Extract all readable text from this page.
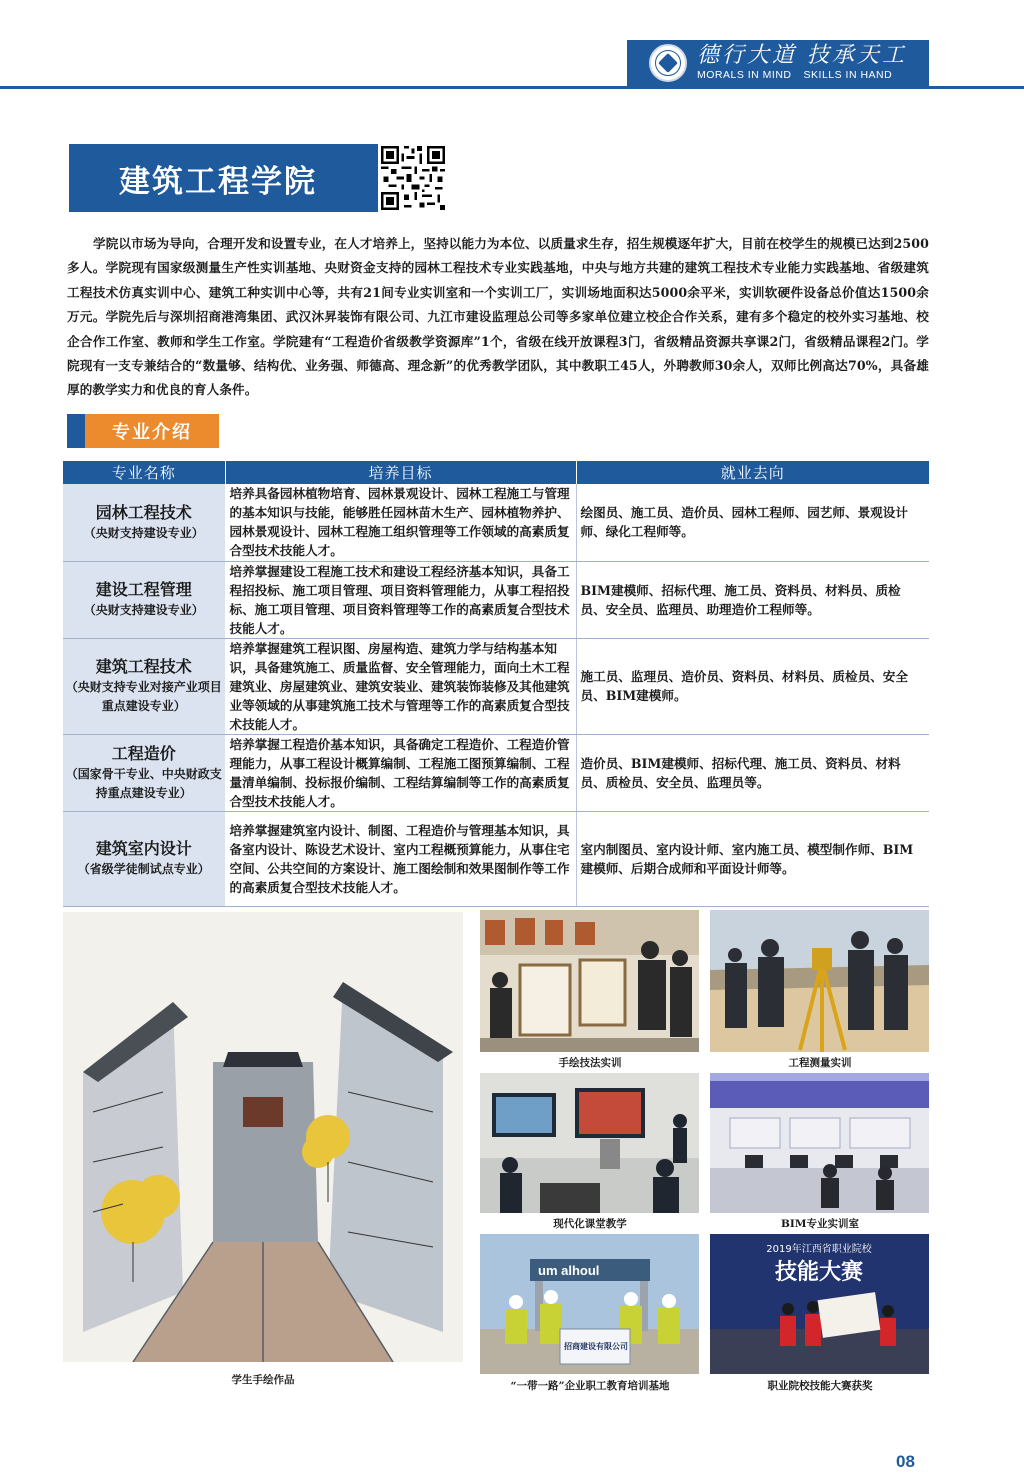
德行大道 技承天工
MORALS IN MIND SKILLS IN HAND
建筑工程学院

学院以市场为导向，合理开发和设置专业，在人才培养上，坚持以能力为本位、以质量求生存，招生规模逐年扩大，目前在校学生的规模已达到2500多人。学院现有国家级测量生产性实训基地、央财资金支持的园林工程技术专业实践基地，中央与地方共建的建筑工程技术专业能力实践基地、省级建筑工程技术仿真实训中心、建筑工种实训中心等，共有21间专业实训室和一个实训工厂，实训场地面积达5000余平米，实训软硬件设备总价值达1500余万元。学院先后与深圳招商港湾集团、武汉沐昇装饰有限公司、九江市建设监理总公司等多家单位建立校企合作关系，建有多个稳定的校外实习基地、校企合作工作室、教师和学生工作室。学院建有“工程造价省级教学资源库”1个，省级在线开放课程3门，省级精品资源共享课2门，省级精品课程2门。学院现有一支专兼结合的“数量够、结构优、业务强、师德高、理念新”的优秀教学团队，其中教职工45人，外聘教师30余人，双师比例高达70%，具备雄厚的教学实力和优良的育人条件。

专业介绍
专业名称	培养目标	就业去向

园林工程技术
（央财支持建设专业）	培养具备园林植物培育、园林景观设计、园林工程施工与管理的基本知识与技能，能够胜任园林苗木生产、园林植物养护、园林景观设计、园林工程施工组织管理等工作领域的高素质复合型技术技能人才。	绘图员、施工员、造价员、园林工程师、园艺师、景观设计师、绿化工程师等。

建设工程管理
（央财支持建设专业）	培养掌握建设工程施工技术和建设工程经济基本知识，具备工程招投标、施工项目管理、项目资料管理能力，从事工程招投标、施工项目管理、项目资料管理等工作的高素质复合型技术技能人才。	BIM建模师、招标代理、施工员、资料员、材料员、质检员、安全员、监理员、助理造价工程师等。

建筑工程技术
（央财支持专业对接产业项目重点建设专业）	培养掌握建筑工程识图、房屋构造、建筑力学与结构基本知识，具备建筑施工、质量监督、安全管理能力，面向土木工程建筑业、房屋建筑业、建筑安装业、建筑装饰装修及其他建筑业等领域的从事建筑施工技术与管理等工作的高素质复合型技术技能人才。	施工员、监理员、造价员、资料员、材料员、质检员、安全员、BIM建模师。

工程造价
（国家骨干专业、中央财政支持重点建设专业）	培养掌握工程造价基本知识，具备确定工程造价、工程造价管理能力，从事工程设计概算编制、工程施工图预算编制、工程量清单编制、投标报价编制、工程结算编制等工作的高素质复合型技术技能人才。	造价员、BIM建模师、招标代理、施工员、资料员、材料员、质检员、安全员、监理员等。

建筑室内设计
（省级学徒制试点专业）	培养掌握建筑室内设计、制图、工程造价与管理基本知识，具备室内设计、陈设艺术设计、室内工程概预算能力，从事住宅空间、公共空间的方案设计、施工图绘制和效果图制作等工作的高素质复合型技术技能人才。	室内制图员、室内设计师、室内施工员、模型制作师、BIM建模师、后期合成师和平面设计师等。
学生手绘作品
手绘技法实训	工程测量实训
现代化课堂教学	BIM专业实训室
um alhoul
招商建设有限公司
“一带一路”企业职工教育培训基地
2019年江西省职业院校
技能大赛
职业院校技能大赛获奖
08
